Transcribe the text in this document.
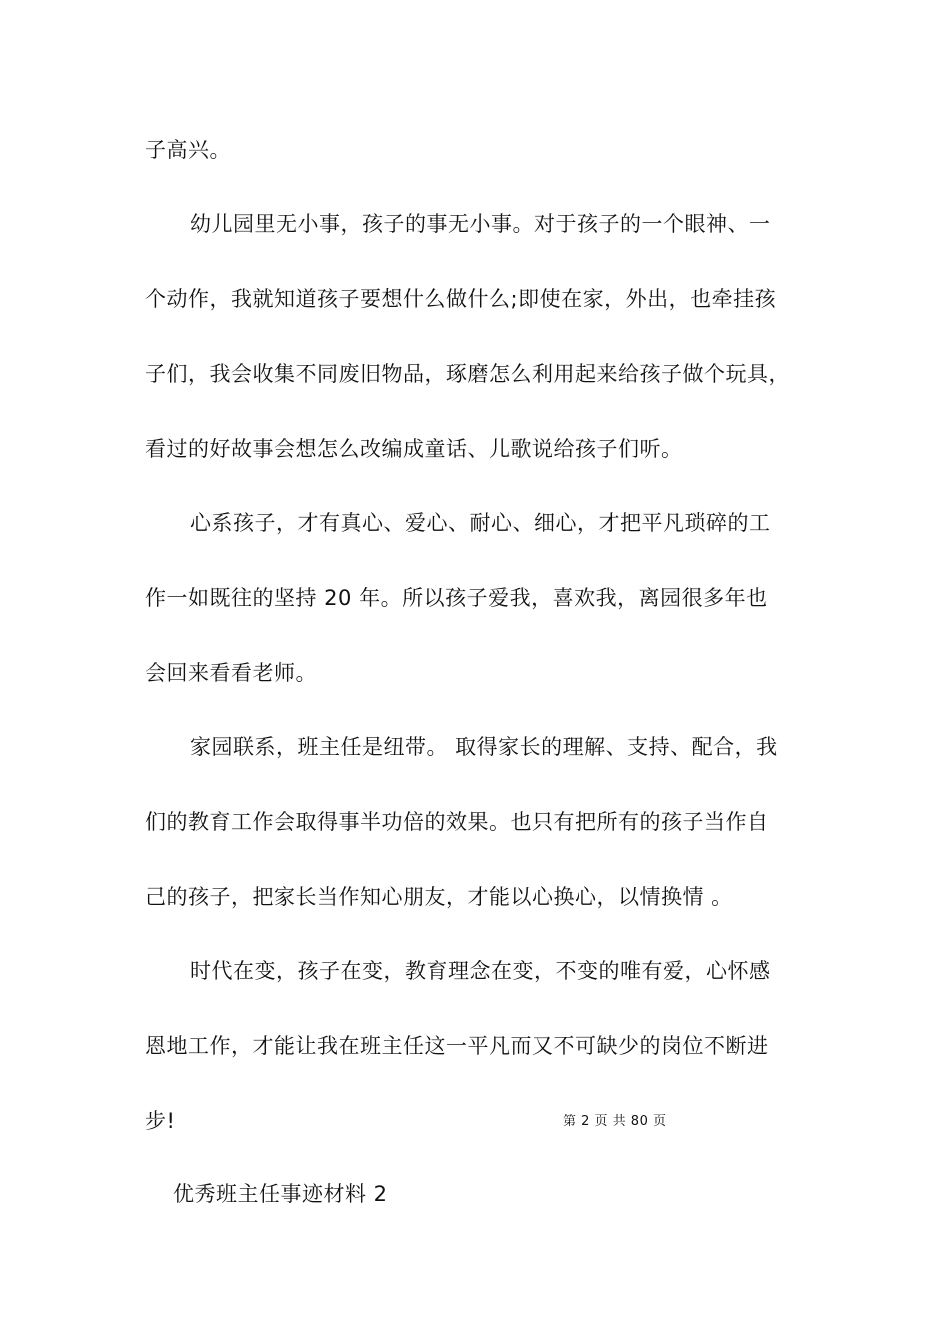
子高兴。
幼儿园里无小事，孩子的事无小事。对于孩子的一个眼神、一
个动作，我就知道孩子要想什么做什么;即使在家，外出，也牵挂孩
子们，我会收集不同废旧物品，琢磨怎么利用起来给孩子做个玩具，
看过的好故事会想怎么改编成童话、儿歌说给孩子们听。
心系孩子，才有真心、爱心、耐心、细心，才把平凡琐碎的工
作一如既往的坚持 20 年。所以孩子爱我，喜欢我，离园很多年也
会回来看看老师。
家园联系，班主任是纽带。 取得家长的理解、支持、配合，我
们的教育工作会取得事半功倍的效果。也只有把所有的孩子当作自
己的孩子，把家长当作知心朋友，才能以心换心，以情换情 。
时代在变，孩子在变，教育理念在变，不变的唯有爱，心怀感
恩地工作，才能让我在班主任这一平凡而又不可缺少的岗位不断进
步!	第 2 页 共 80 页
优秀班主任事迹材料 2
